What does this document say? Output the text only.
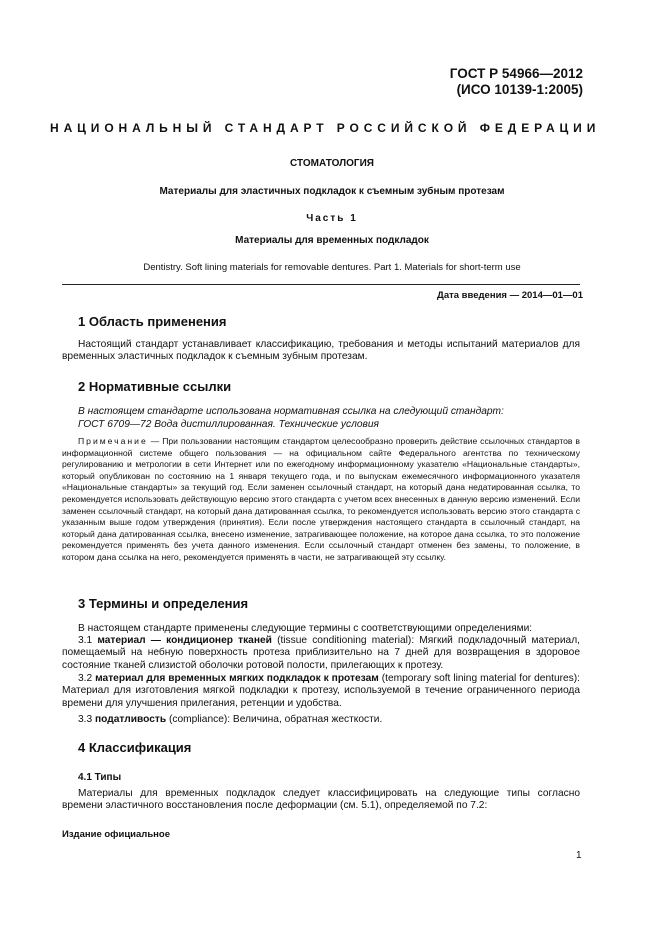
ГОСТ Р 54966—2012
(ИСО 10139-1:2005)
НАЦИОНАЛЬНЫЙ СТАНДАРТ РОССИЙСКОЙ ФЕДЕРАЦИИ
СТОМАТОЛОГИЯ
Материалы для эластичных подкладок к съемным зубным протезам
Часть 1
Материалы для временных подкладок
Dentistry. Soft lining materials for removable dentures. Part 1. Materials for short-term use
Дата введения — 2014—01—01
1 Область применения

Настоящий стандарт устанавливает классификацию, требования и методы испытаний материалов для временных эластичных подкладок к съемным зубным протезам.

2 Нормативные ссылки

В настоящем стандарте использована нормативная ссылка на следующий стандарт:

ГОСТ 6709—72 Вода дистиллированная. Технические условия

Примечание — При пользовании настоящим стандартом целесообразно проверить действие ссылочных стандартов в информационной системе общего пользования — на официальном сайте Федерального агентства по техническому регулированию и метрологии в сети Интернет или по ежегодному информационному указателю «Национальные стандарты», который опубликован по состоянию на 1 января текущего года, и по выпускам ежемесячного информационного указателя «Национальные стандарты» за текущий год. Если заменен ссылочный стандарт, на который дана недатированная ссылка, то рекомендуется использовать действующую версию этого стандарта с учетом всех внесенных в данную версию изменений. Если заменен ссылочный стандарт, на который дана датированная ссылка, то рекомендуется использовать версию этого стандарта с указанным выше годом утверждения (принятия). Если после утверждения настоящего стандарта в ссылочный стандарт, на который дана датированная ссылка, внесено изменение, затрагивающее положение, на которое дана ссылка, то это положение рекомендуется применять без учета данного изменения. Если ссылочный стандарт отменен без замены, то положение, в котором дана ссылка на него, рекомендуется применять в части, не затрагивающей эту ссылку.

3 Термины и определения

В настоящем стандарте применены следующие термины с соответствующими определениями:

3.1 материал — кондиционер тканей (tissue conditioning material): Мягкий подкладочный материал, помещаемый на небную поверхность протеза приблизительно на 7 дней для возвращения в здоровое состояние тканей слизистой оболочки ротовой полости, прилегающих к протезу.

3.2 материал для временных мягких подкладок к протезам (temporary soft lining material for dentures): Материал для изготовления мягкой подкладки к протезу, используемой в течение ограниченного периода времени для улучшения прилегания, ретенции и удобства.

3.3 податливость (compliance): Величина, обратная жесткости.

4 Классификация
4.1 Типы

Материалы для временных подкладок следует классифицировать на следующие типы согласно времени эластичного восстановления после деформации (см. 5.1), определяемой по 7.2:

Издание официальное
1
